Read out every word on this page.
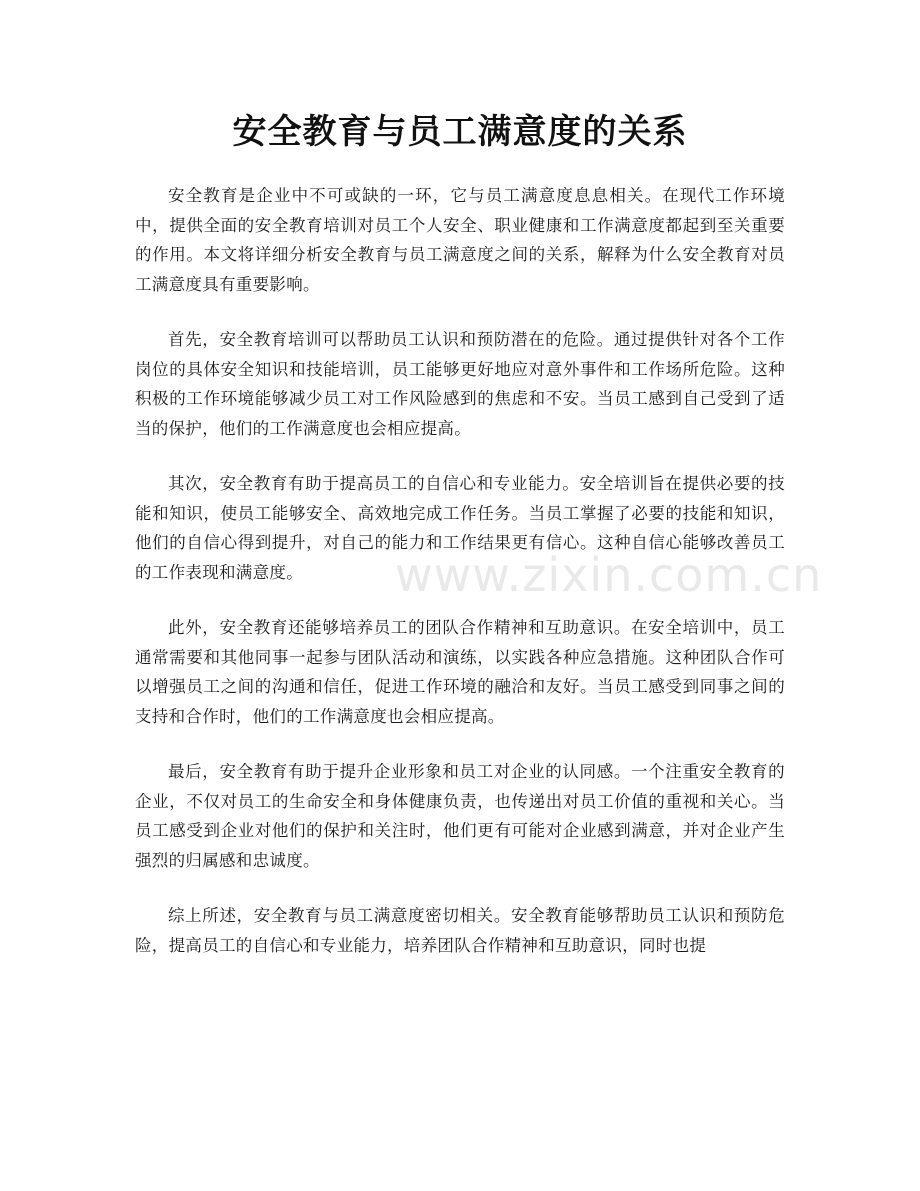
www.zixin.com.cn
安全教育与员工满意度的关系

安全教育是企业中不可或缺的一环，它与员工满意度息息相关。在现代工作环境中，提供全面的安全教育培训对员工个人安全、职业健康和工作满意度都起到至关重要的作用。本文将详细分析安全教育与员工满意度之间的关系，解释为什么安全教育对员工满意度具有重要影响。

首先，安全教育培训可以帮助员工认识和预防潜在的危险。通过提供针对各个工作岗位的具体安全知识和技能培训，员工能够更好地应对意外事件和工作场所危险。这种积极的工作环境能够减少员工对工作风险感到的焦虑和不安。当员工感到自己受到了适当的保护，他们的工作满意度也会相应提高。

其次，安全教育有助于提高员工的自信心和专业能力。安全培训旨在提供必要的技能和知识，使员工能够安全、高效地完成工作任务。当员工掌握了必要的技能和知识，他们的自信心得到提升，对自己的能力和工作结果更有信心。这种自信心能够改善员工的工作表现和满意度。

此外，安全教育还能够培养员工的团队合作精神和互助意识。在安全培训中，员工通常需要和其他同事一起参与团队活动和演练，以实践各种应急措施。这种团队合作可以增强员工之间的沟通和信任，促进工作环境的融洽和友好。当员工感受到同事之间的支持和合作时，他们的工作满意度也会相应提高。

最后，安全教育有助于提升企业形象和员工对企业的认同感。一个注重安全教育的企业，不仅对员工的生命安全和身体健康负责，也传递出对员工价值的重视和关心。当员工感受到企业对他们的保护和关注时，他们更有可能对企业感到满意，并对企业产生强烈的归属感和忠诚度。

综上所述，安全教育与员工满意度密切相关。安全教育能够帮助员工认识和预防危险，提高员工的自信心和专业能力，培养团队合作精神和互助意识，同时也提
